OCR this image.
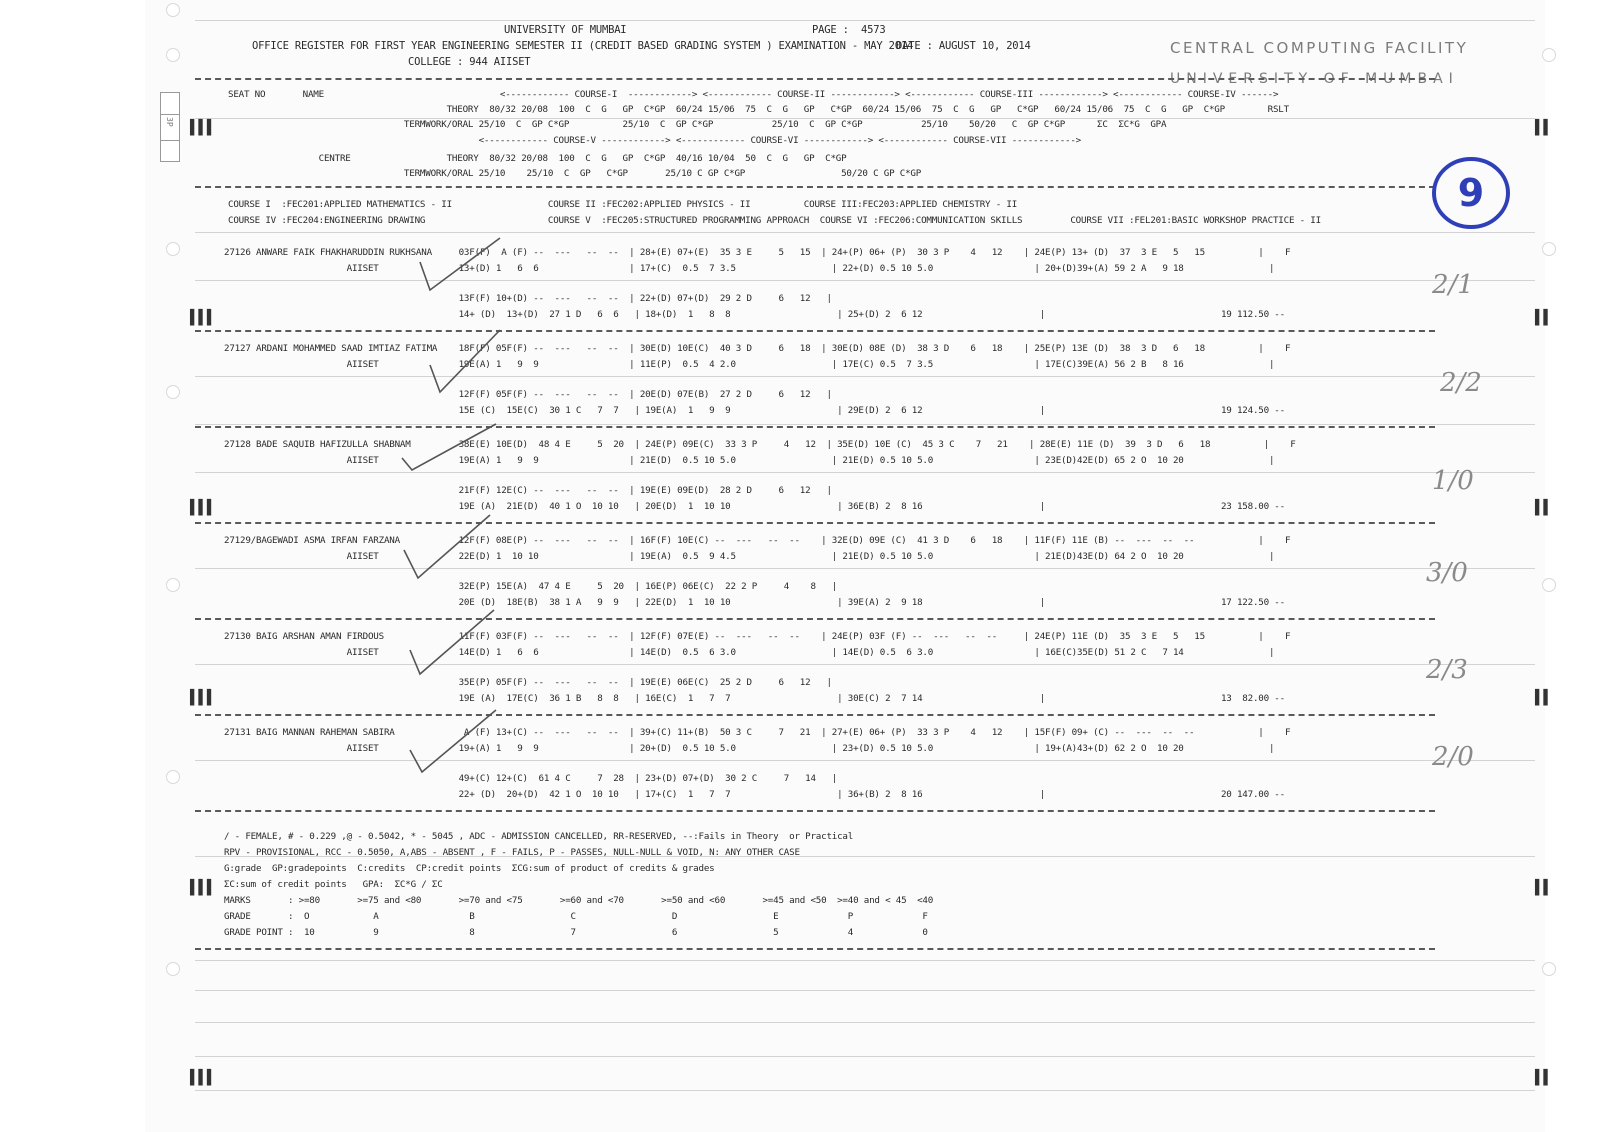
3P ▌▌▌
▌▌▌
▌▌▌
▌▌▌
▌▌▌
▌▌▌
▌▌
▌▌
▌▌
▌▌
▌▌
▌▌
UNIVERSITY OF MUMBAI	PAGE :  4573
OFFICE REGISTER FOR FIRST YEAR ENGINEERING SEMESTER II (CREDIT BASED GRADING SYSTEM ) EXAMINATION - MAY 2014
DATE : AUGUST 10, 2014
COLLEGE : 944 AIISET
CENTRAL COMPUTING FACILITY
UNIVERSITY OF MUMBAI
SEAT NO       NAME                                 <------------ COURSE-I  ------------> <------------ COURSE-II ------------> <------------ COURSE-III ------------> <------------ COURSE-IV ------>
THEORY  80/32 20/08  100  C  G   GP  C*GP  60/24 15/06  75  C  G   GP   C*GP  60/24 15/06  75  C  G   GP   C*GP   60/24 15/06  75  C  G   GP  C*GP        RSLT
TERMWORK/ORAL 25/10  C  GP C*GP          25/10  C  GP C*GP           25/10  C  GP C*GP           25/10    50/20   C  GP C*GP      ΣC  ΣC*G  GPA
<------------ COURSE-V ------------> <------------ COURSE-VI ------------> <------------ COURSE-VII ------------>
CENTRE                  THEORY  80/32 20/08  100  C  G   GP  C*GP  40/16 10/04  50  C  G   GP  C*GP
TERMWORK/ORAL 25/10    25/10  C  GP   C*GP       25/10 C GP C*GP                  50/20 C GP C*GP
COURSE I  :FEC201:APPLIED MATHEMATICS - II                  COURSE II :FEC202:APPLIED PHYSICS - II          COURSE III:FEC203:APPLIED CHEMISTRY - II
COURSE IV :FEC204:ENGINEERING DRAWING                       COURSE V  :FEC205:STRUCTURED PROGRAMMING APPROACH  COURSE VI :FEC206:COMMUNICATION SKILLS         COURSE VII :FEL201:BASIC WORKSHOP PRACTICE - II
27126 ANWARE FAIK FHAKHARUDDIN RUKHSANA     03F(F)  A (F) --  ---   --  --  | 28+(E) 07+(E)  35 3 E     5   15  | 24+(P) 06+ (P)  30 3 P    4   12    | 24E(P) 13+ (D)  37  3 E   5   15          |    F
AIISET               13+(D) 1   6  6                 | 17+(C)  0.5  7 3.5                  | 22+(D) 0.5 10 5.0                   | 20+(D)39+(A) 59 2 A   9 18                |
13F(F) 10+(D) --  ---   --  --  | 22+(D) 07+(D)  29 2 D     6   12   |
14+ (D)  13+(D)  27 1 D   6  6   | 18+(D)  1   8  8                    | 25+(D) 2  6 12                      |                                 19 112.50 --
27127 ARDANI MOHAMMED SAAD IMTIAZ FATIMA    18F(F) 05F(F) --  ---   --  --  | 30E(D) 10E(C)  40 3 D     6   18  | 30E(D) 08E (D)  38 3 D    6   18    | 25E(P) 13E (D)  38  3 D   6   18          |    F
AIISET               19E(A) 1   9  9                 | 11E(P)  0.5  4 2.0                  | 17E(C) 0.5  7 3.5                   | 17E(C)39E(A) 56 2 B   8 16                |
12F(F) 05F(F) --  ---   --  --  | 20E(D) 07E(B)  27 2 D     6   12   |
15E (C)  15E(C)  30 1 C   7  7   | 19E(A)  1   9  9                    | 29E(D) 2  6 12                      |                                 19 124.50 --
27128 BADE SAQUIB HAFIZULLA SHABNAM         38E(E) 10E(D)  48 4 E     5  20  | 24E(P) 09E(C)  33 3 P     4   12  | 35E(D) 10E (C)  45 3 C    7   21    | 28E(E) 11E (D)  39  3 D   6   18          |    F
AIISET               19E(A) 1   9  9                 | 21E(D)  0.5 10 5.0                  | 21E(D) 0.5 10 5.0                   | 23E(D)42E(D) 65 2 O  10 20                |
21F(F) 12E(C) --  ---   --  --  | 19E(E) 09E(D)  28 2 D     6   12   |
19E (A)  21E(D)  40 1 O  10 10   | 20E(D)  1  10 10                    | 36E(B) 2  8 16                      |                                 23 158.00 --
27129/BAGEWADI ASMA IRFAN FARZANA           12F(F) 08E(P) --  ---   --  --  | 16F(F) 10E(C) --  ---   --  --    | 32E(D) 09E (C)  41 3 D    6   18    | 11F(F) 11E (B) --  ---  --  --            |    F
AIISET               22E(D) 1  10 10                 | 19E(A)  0.5  9 4.5                  | 21E(D) 0.5 10 5.0                   | 21E(D)43E(D) 64 2 O  10 20                |
32E(P) 15E(A)  47 4 E     5  20  | 16E(P) 06E(C)  22 2 P     4    8   |
20E (D)  18E(B)  38 1 A   9  9   | 22E(D)  1  10 10                    | 39E(A) 2  9 18                      |                                 17 122.50 --
27130 BAIG ARSHAN AMAN FIRDOUS              11F(F) 03F(F) --  ---   --  --  | 12F(F) 07E(E) --  ---   --  --    | 24E(P) 03F (F) --  ---   --  --     | 24E(P) 11E (D)  35  3 E   5   15          |    F
AIISET               14E(D) 1   6  6                 | 14E(D)  0.5  6 3.0                  | 14E(D) 0.5  6 3.0                   | 16E(C)35E(D) 51 2 C   7 14                |
35E(P) 05F(F) --  ---   --  --  | 19E(E) 06E(C)  25 2 D     6   12   |
19E (A)  17E(C)  36 1 B   8  8   | 16E(C)  1   7  7                    | 30E(C) 2  7 14                      |                                 13  82.00 --
27131 BAIG MANNAN RAHEMAN SABIRA             A (F) 13+(C) --  ---   --  --  | 39+(C) 11+(B)  50 3 C     7   21  | 27+(E) 06+ (P)  33 3 P    4   12    | 15F(F) 09+ (C) --  ---  --  --            |    F
AIISET               19+(A) 1   9  9                 | 20+(D)  0.5 10 5.0                  | 23+(D) 0.5 10 5.0                   | 19+(A)43+(D) 62 2 O  10 20                |
49+(C) 12+(C)  61 4 C     7  28  | 23+(D) 07+(D)  30 2 C     7   14   |
22+ (D)  20+(D)  42 1 O  10 10   | 17+(C)  1   7  7                    | 36+(B) 2  8 16                      |                                 20 147.00 --
2/1
2/2
1/0
3/0
2/3
2/0
9
/ - FEMALE, # - 0.229 ,@ - 0.5042, * - 5045 , ADC - ADMISSION CANCELLED, RR-RESERVED, --:Fails in Theory  or Practical
RPV - PROVISIONAL, RCC - 0.5050, A,ABS - ABSENT , F - FAILS, P - PASSES, NULL-NULL & VOID, N: ANY OTHER CASE
G:grade  GP:gradepoints  C:credits  CP:credit points  ΣCG:sum of product of credits & grades
ΣC:sum of credit points   GPA:  ΣC*G / ΣC
MARKS       : >=80       >=75 and <80       >=70 and <75       >=60 and <70       >=50 and <60       >=45 and <50  >=40 and < 45  <40
GRADE       :  O            A                 B                  C                  D                  E             P             F
GRADE POINT :  10           9                 8                  7                  6                  5             4             0
